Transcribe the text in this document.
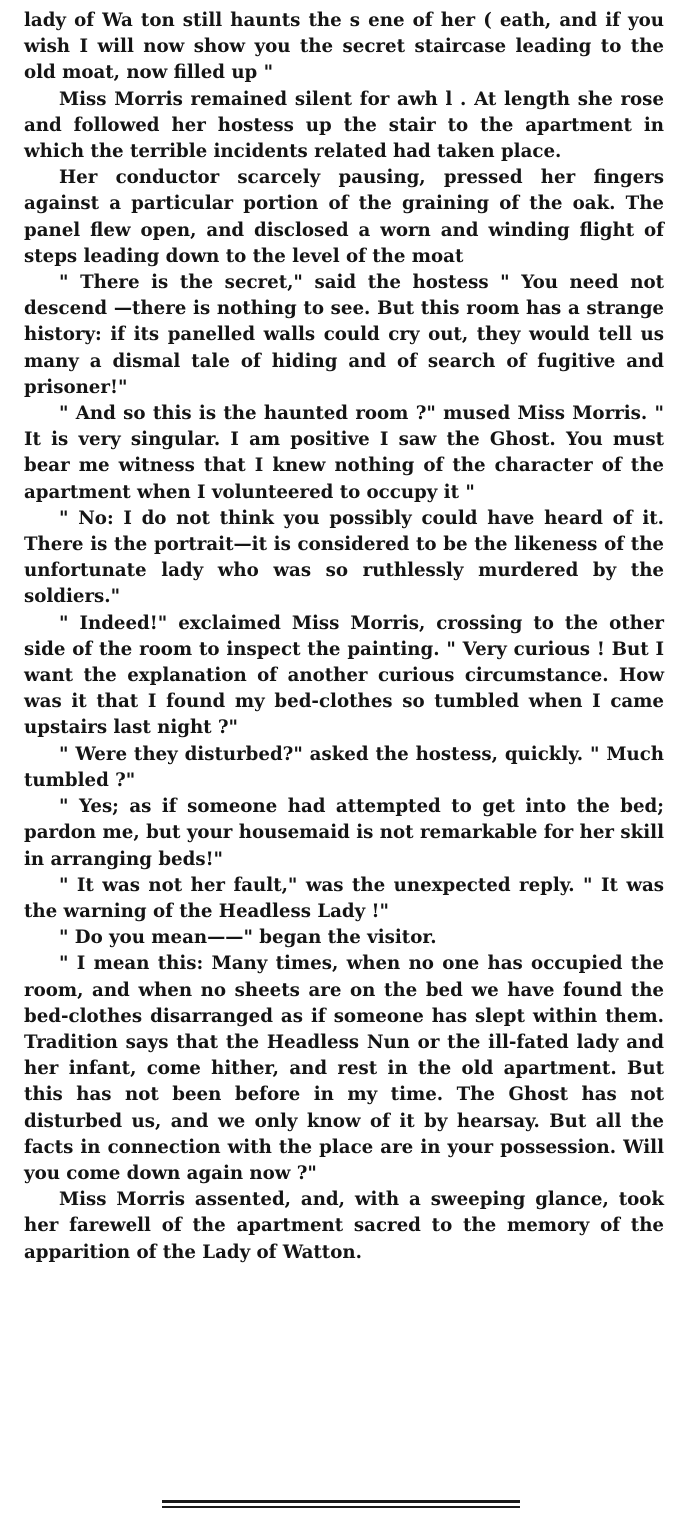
lady of Wa ton still haunts the s ene of her ( eath, and if you wish I will now show you the secret staircase leading to the old moat, now filled up "

Miss Morris remained silent for awh l . At length she rose and followed her hostess up the stair to the apartment in which the terrible incidents related had taken place.

Her conductor scarcely pausing, pressed her fingers against a particular portion of the graining of the oak. The panel flew open, and disclosed a worn and winding flight of steps leading down to the level of the moat

" There is the secret," said the hostess " You need not descend —there is nothing to see. But this room has a strange history: if its panelled walls could cry out, they would tell us many a dismal tale of hiding and of search of fugitive and prisoner!"

" And so this is the haunted room ?" mused Miss Morris. " It is very singular. I am positive I saw the Ghost. You must bear me witness that I knew nothing of the character of the apartment when I volunteered to occupy it "

" No: I do not think you possibly could have heard of it. There is the portrait—it is considered to be the likeness of the unfortunate lady who was so ruthlessly murdered by the soldiers."

" Indeed!" exclaimed Miss Morris, crossing to the other side of the room to inspect the painting. " Very curious ! But I want the explanation of another curious circumstance. How was it that I found my bed-clothes so tumbled when I came upstairs last night ?"

" Were they disturbed?" asked the hostess, quickly. " Much tumbled ?"

" Yes; as if someone had attempted to get into the bed; pardon me, but your housemaid is not remarkable for her skill in arranging beds!"

" It was not her fault," was the unexpected reply. " It was the warning of the Headless Lady !"

" Do you mean——" began the visitor.

" I mean this: Many times, when no one has occupied the room, and when no sheets are on the bed we have found the bed-clothes disarranged as if someone has slept within them. Tradition says that the Headless Nun or the ill-fated lady and her infant, come hither, and rest in the old apartment. But this has not been before in my time. The Ghost has not disturbed us, and we only know of it by hearsay. But all the facts in connection with the place are in your possession. Will you come down again now ?"

Miss Morris assented, and, with a sweeping glance, took her farewell of the apartment sacred to the memory of the apparition of the Lady of Watton.
